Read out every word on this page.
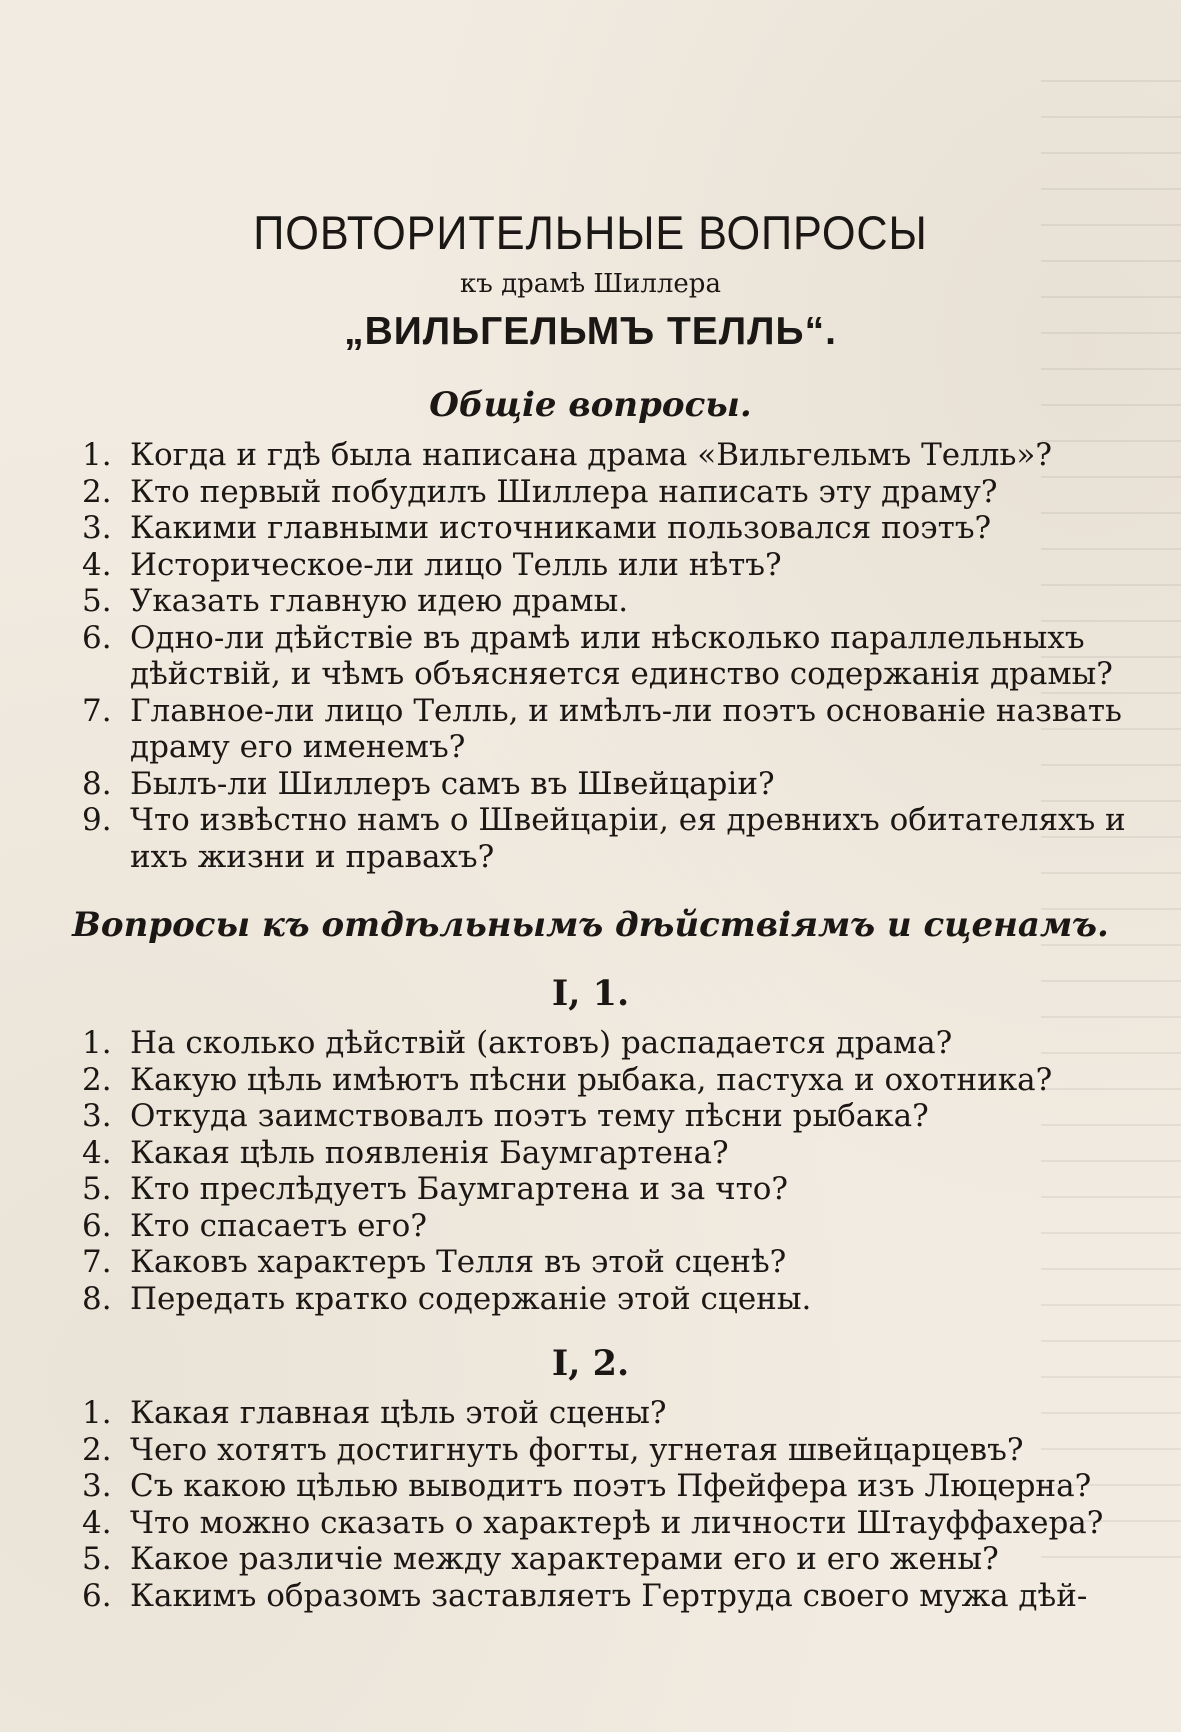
ПОВТОРИТЕЛЬНЫЕ ВОПРОСЫ
къ драмѣ Шиллера
„ВИЛЬГЕЛЬМЪ ТЕЛЛЬ“.
Общіе вопросы.
1. Когда и гдѣ была написана драма «Вильгельмъ Телль»?
2. Кто первый побудилъ Шиллера написать эту драму?
3. Какими главными источниками пользовался поэтъ?
4. Историческое-ли лицо Телль или нѣтъ?
5. Указать главную идею драмы.
6. Одно-ли дѣйствіе въ драмѣ или нѣсколько параллельныхъ дѣйствій, и чѣмъ объясняется единство содержанія драмы?
7. Главное-ли лицо Телль, и имѣлъ-ли поэтъ основаніе назвать драму его именемъ?
8. Былъ-ли Шиллеръ самъ въ Швейцаріи?
9. Что извѣстно намъ о Швейцаріи, ея древнихъ обитателяхъ и ихъ жизни и правахъ?
Вопросы къ отдѣльнымъ дѣйствіямъ и сценамъ.
I, 1.
1. На сколько дѣйствій (актовъ) распадается драма?
2. Какую цѣль имѣютъ пѣсни рыбака, пастуха и охотника?
3. Откуда заимствовалъ поэтъ тему пѣсни рыбака?
4. Какая цѣль появленія Баумгартена?
5. Кто преслѣдуетъ Баумгартена и за что?
6. Кто спасаетъ его?
7. Каковъ характеръ Телля въ этой сценѣ?
8. Передать кратко содержаніе этой сцены.
I, 2.
1. Какая главная цѣль этой сцены?
2. Чего хотятъ достигнуть фогты, угнетая швейцарцевъ?
3. Съ какою цѣлью выводитъ поэтъ Пфейфера изъ Люцерна?
4. Что можно сказать о характерѣ и личности Штауффахера?
5. Какое различіе между характерами его и его жены?
6. Какимъ образомъ заставляетъ Гертруда своего мужа дѣй-
